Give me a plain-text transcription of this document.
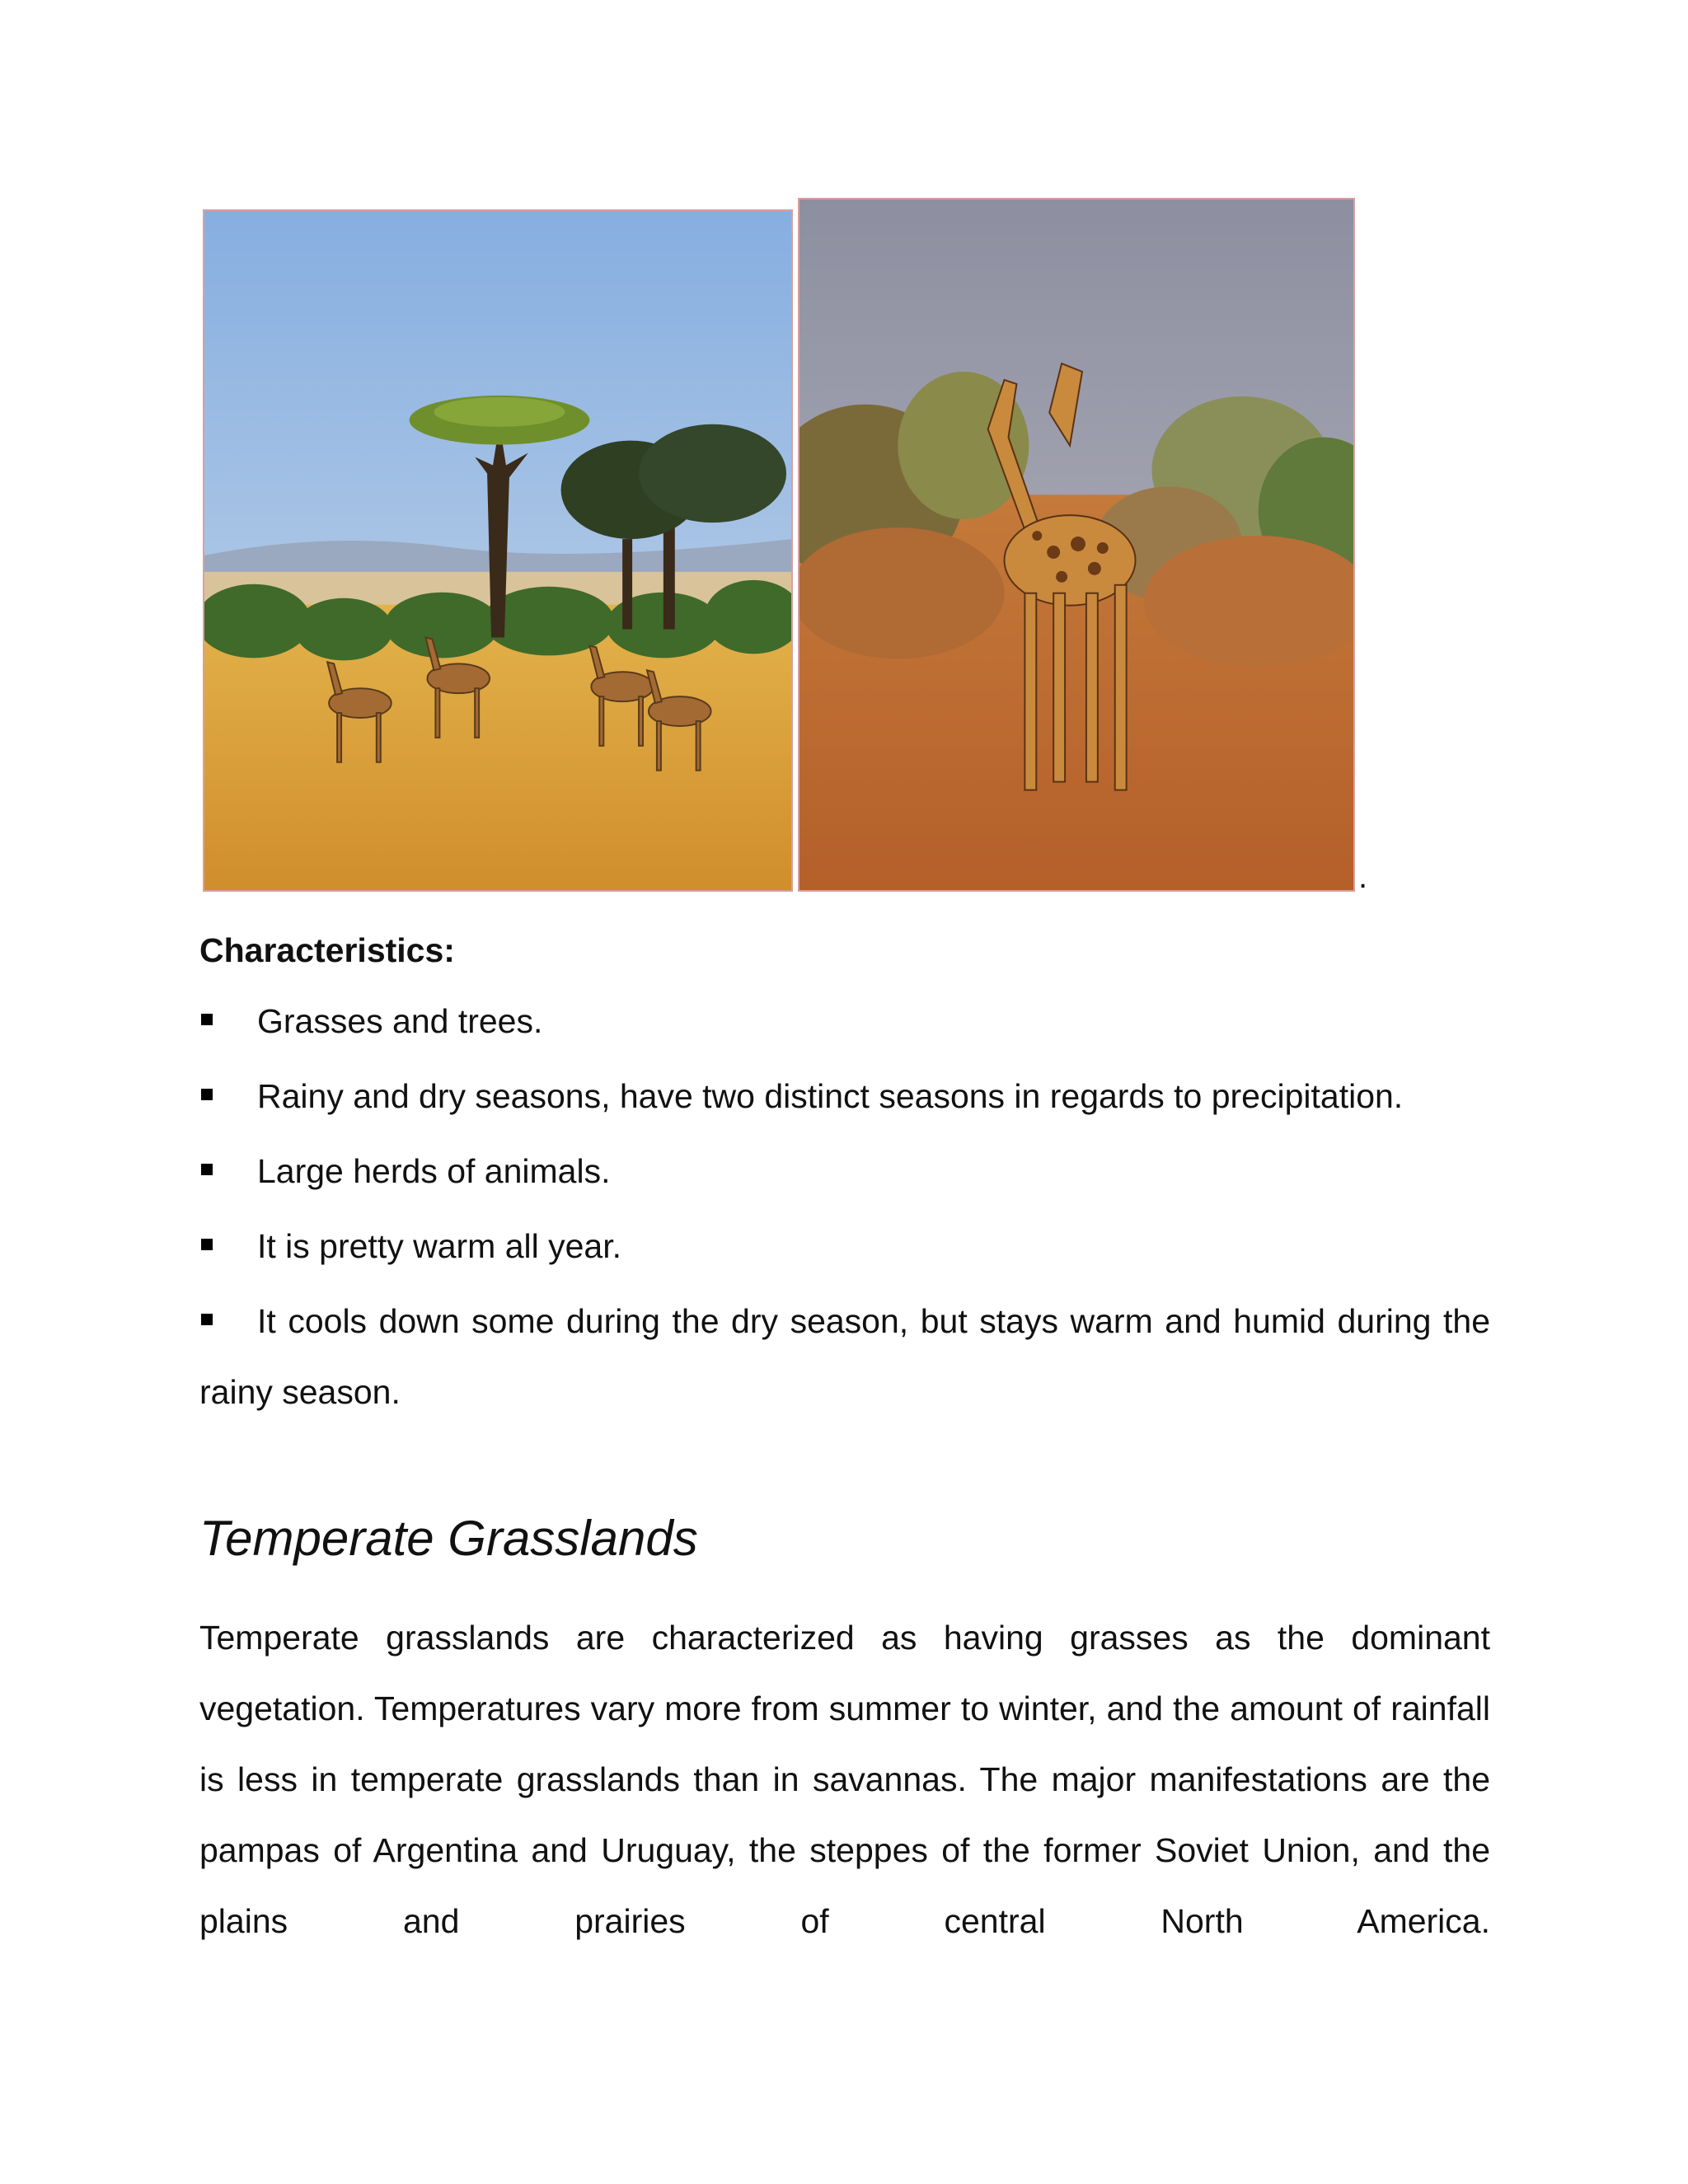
.
Characteristics:
Grasses and trees.
Rainy and dry seasons, have two distinct seasons in regards to precipitation.
Large herds of animals.
It is pretty warm all year.
It cools down some during the dry season, but stays warm and humid during the rainy season.
Temperate Grasslands

Temperate grasslands are characterized as having grasses as the dominant vegetation. Temperatures vary more from summer to winter, and the amount of rainfall is less in temperate grasslands than in savannas. The major manifestations are the pampas of Argentina and Uruguay, the steppes of the former Soviet Union, and the plains and prairies of central North America.
